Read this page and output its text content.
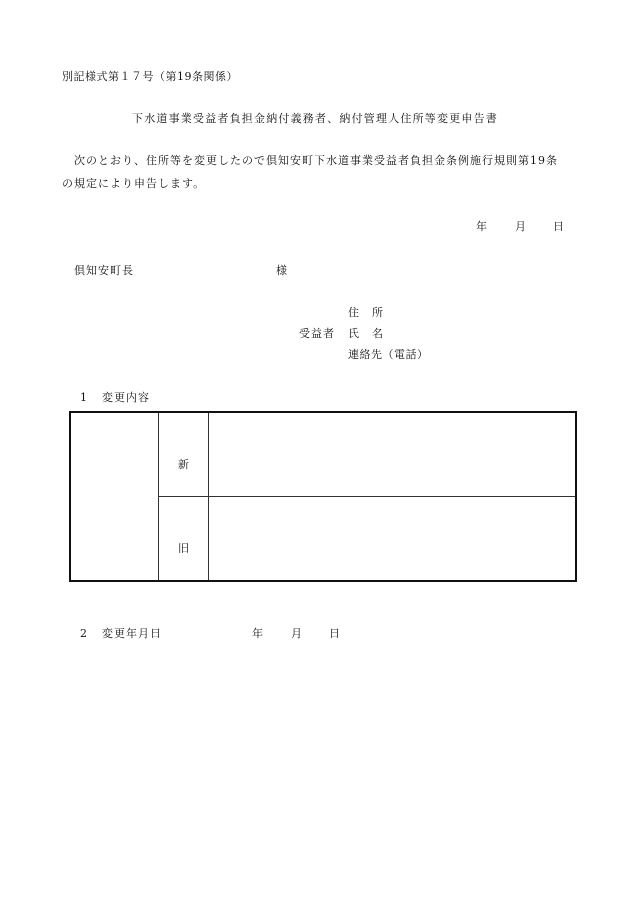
別記様式第１７号（第19条関係）
下水道事業受益者負担金納付義務者、納付管理人住所等変更申告書
　次のとおり、住所等を変更したので倶知安町下水道事業受益者負担金条例施行規則第19条
の規定により申告します。
年	月 日
倶知安町長	様
住所
受益者 氏名
連絡先（電話）
1 変更内容
新
旧
2 変更年月日	年	月 日
